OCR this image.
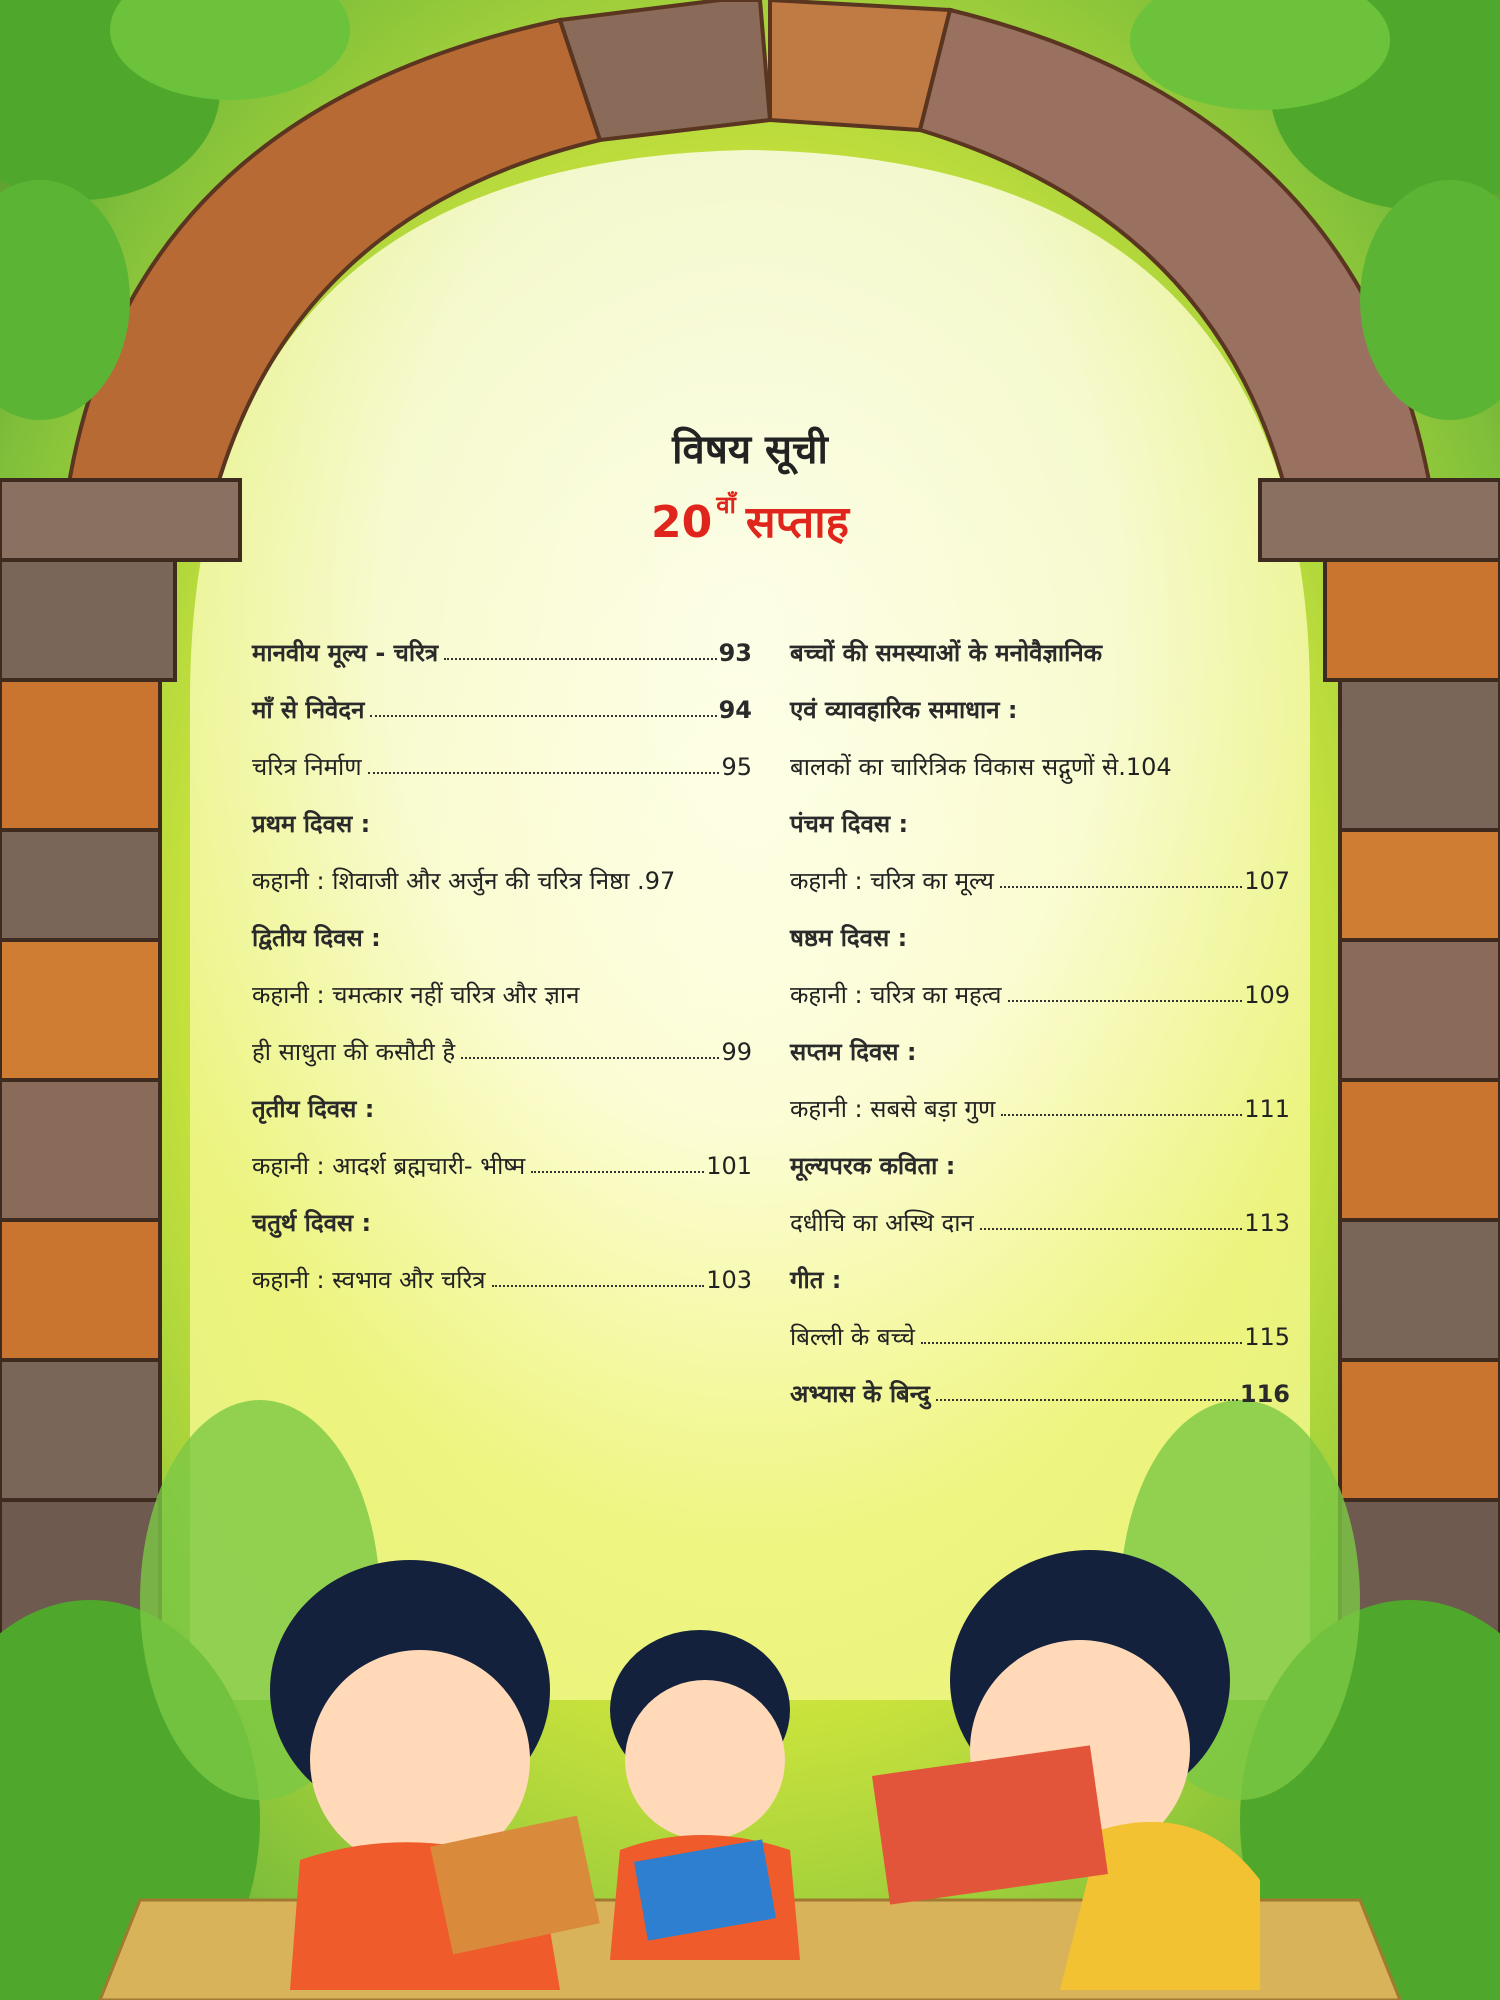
विषय सूची
20 $^{वाँ}$ सप्ताह
मानवीय मूल्य - चरित्र	93
माँ से निवेदन	94
चरित्र निर्माण	95
प्रथम दिवस :
कहानी : शिवाजी और अर्जुन की चरित्र निष्ठा . 97
द्वितीय दिवस :
कहानी : चमत्कार नहीं चरित्र और ज्ञान
ही साधुता की कसौटी है	99
तृतीय दिवस :
कहानी : आदर्श ब्रह्मचारी- भीष्म	101
चतुर्थ दिवस :
कहानी : स्वभाव और चरित्र	103
बच्चों की समस्याओं के मनोवैज्ञानिक
एवं व्यावहारिक समाधान :
बालकों का चारित्रिक विकास सद्गुणों से. 104
पंचम दिवस :
कहानी : चरित्र का मूल्य	107
षष्ठम दिवस :
कहानी : चरित्र का महत्व	109
सप्तम दिवस :
कहानी : सबसे बड़ा गुण	111
मूल्यपरक कविता :
दधीचि का अस्थि दान	113
गीत :
बिल्ली के बच्चे	115
अभ्यास के बिन्दु	116
